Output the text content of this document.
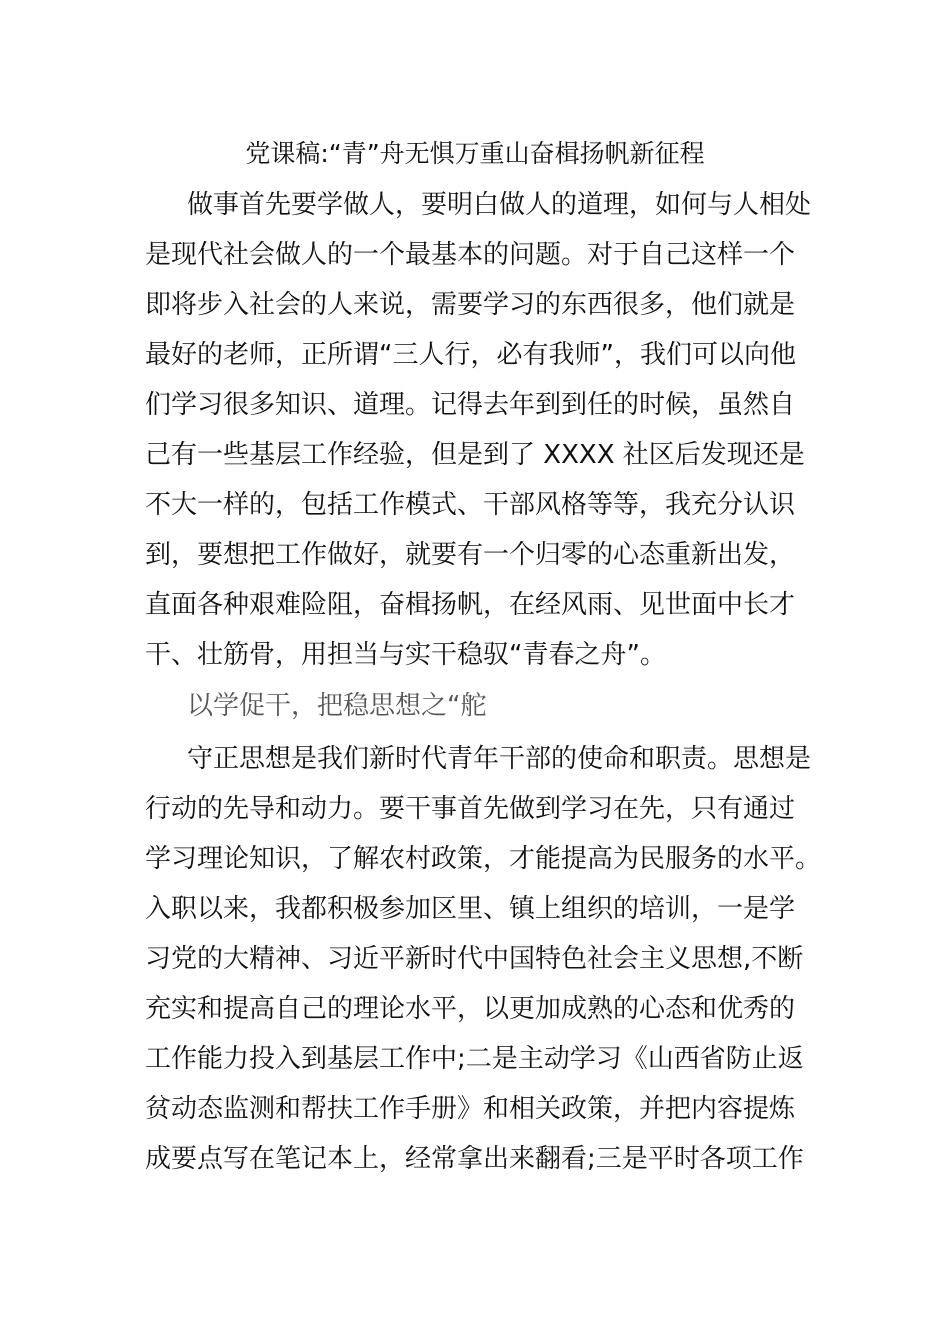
党课稿:“青”舟无惧万重山奋楫扬帆新征程
做事首先要学做人，要明白做人的道理，如何与人相处
是现代社会做人的一个最基本的问题。对于自己这样一个
即将步入社会的人来说，需要学习的东西很多，他们就是
最好的老师，正所谓“三人行，必有我师”，我们可以向他
们学习很多知识、道理。记得去年到到任的时候，虽然自
己有一些基层工作经验，但是到了 XXXX 社区后发现还是
不大一样的，包括工作模式、干部风格等等，我充分认识
到，要想把工作做好，就要有一个归零的心态重新出发，
直面各种艰难险阻，奋楫扬帆，在经风雨、见世面中长才
干、壮筋骨，用担当与实干稳驭“青春之舟”。
以学促干，把稳思想之“舵
守正思想是我们新时代青年干部的使命和职责。思想是
行动的先导和动力。要干事首先做到学习在先，只有通过
学习理论知识，了解农村政策，才能提高为民服务的水平。
入职以来，我都积极参加区里、镇上组织的培训，一是学
习党的大精神、习近平新时代中国特色社会主义思想,不断
充实和提高自己的理论水平，以更加成熟的心态和优秀的
工作能力投入到基层工作中;二是主动学习《山西省防止返
贫动态监测和帮扶工作手册》和相关政策，并把内容提炼
成要点写在笔记本上，经常拿出来翻看;三是平时各项工作
